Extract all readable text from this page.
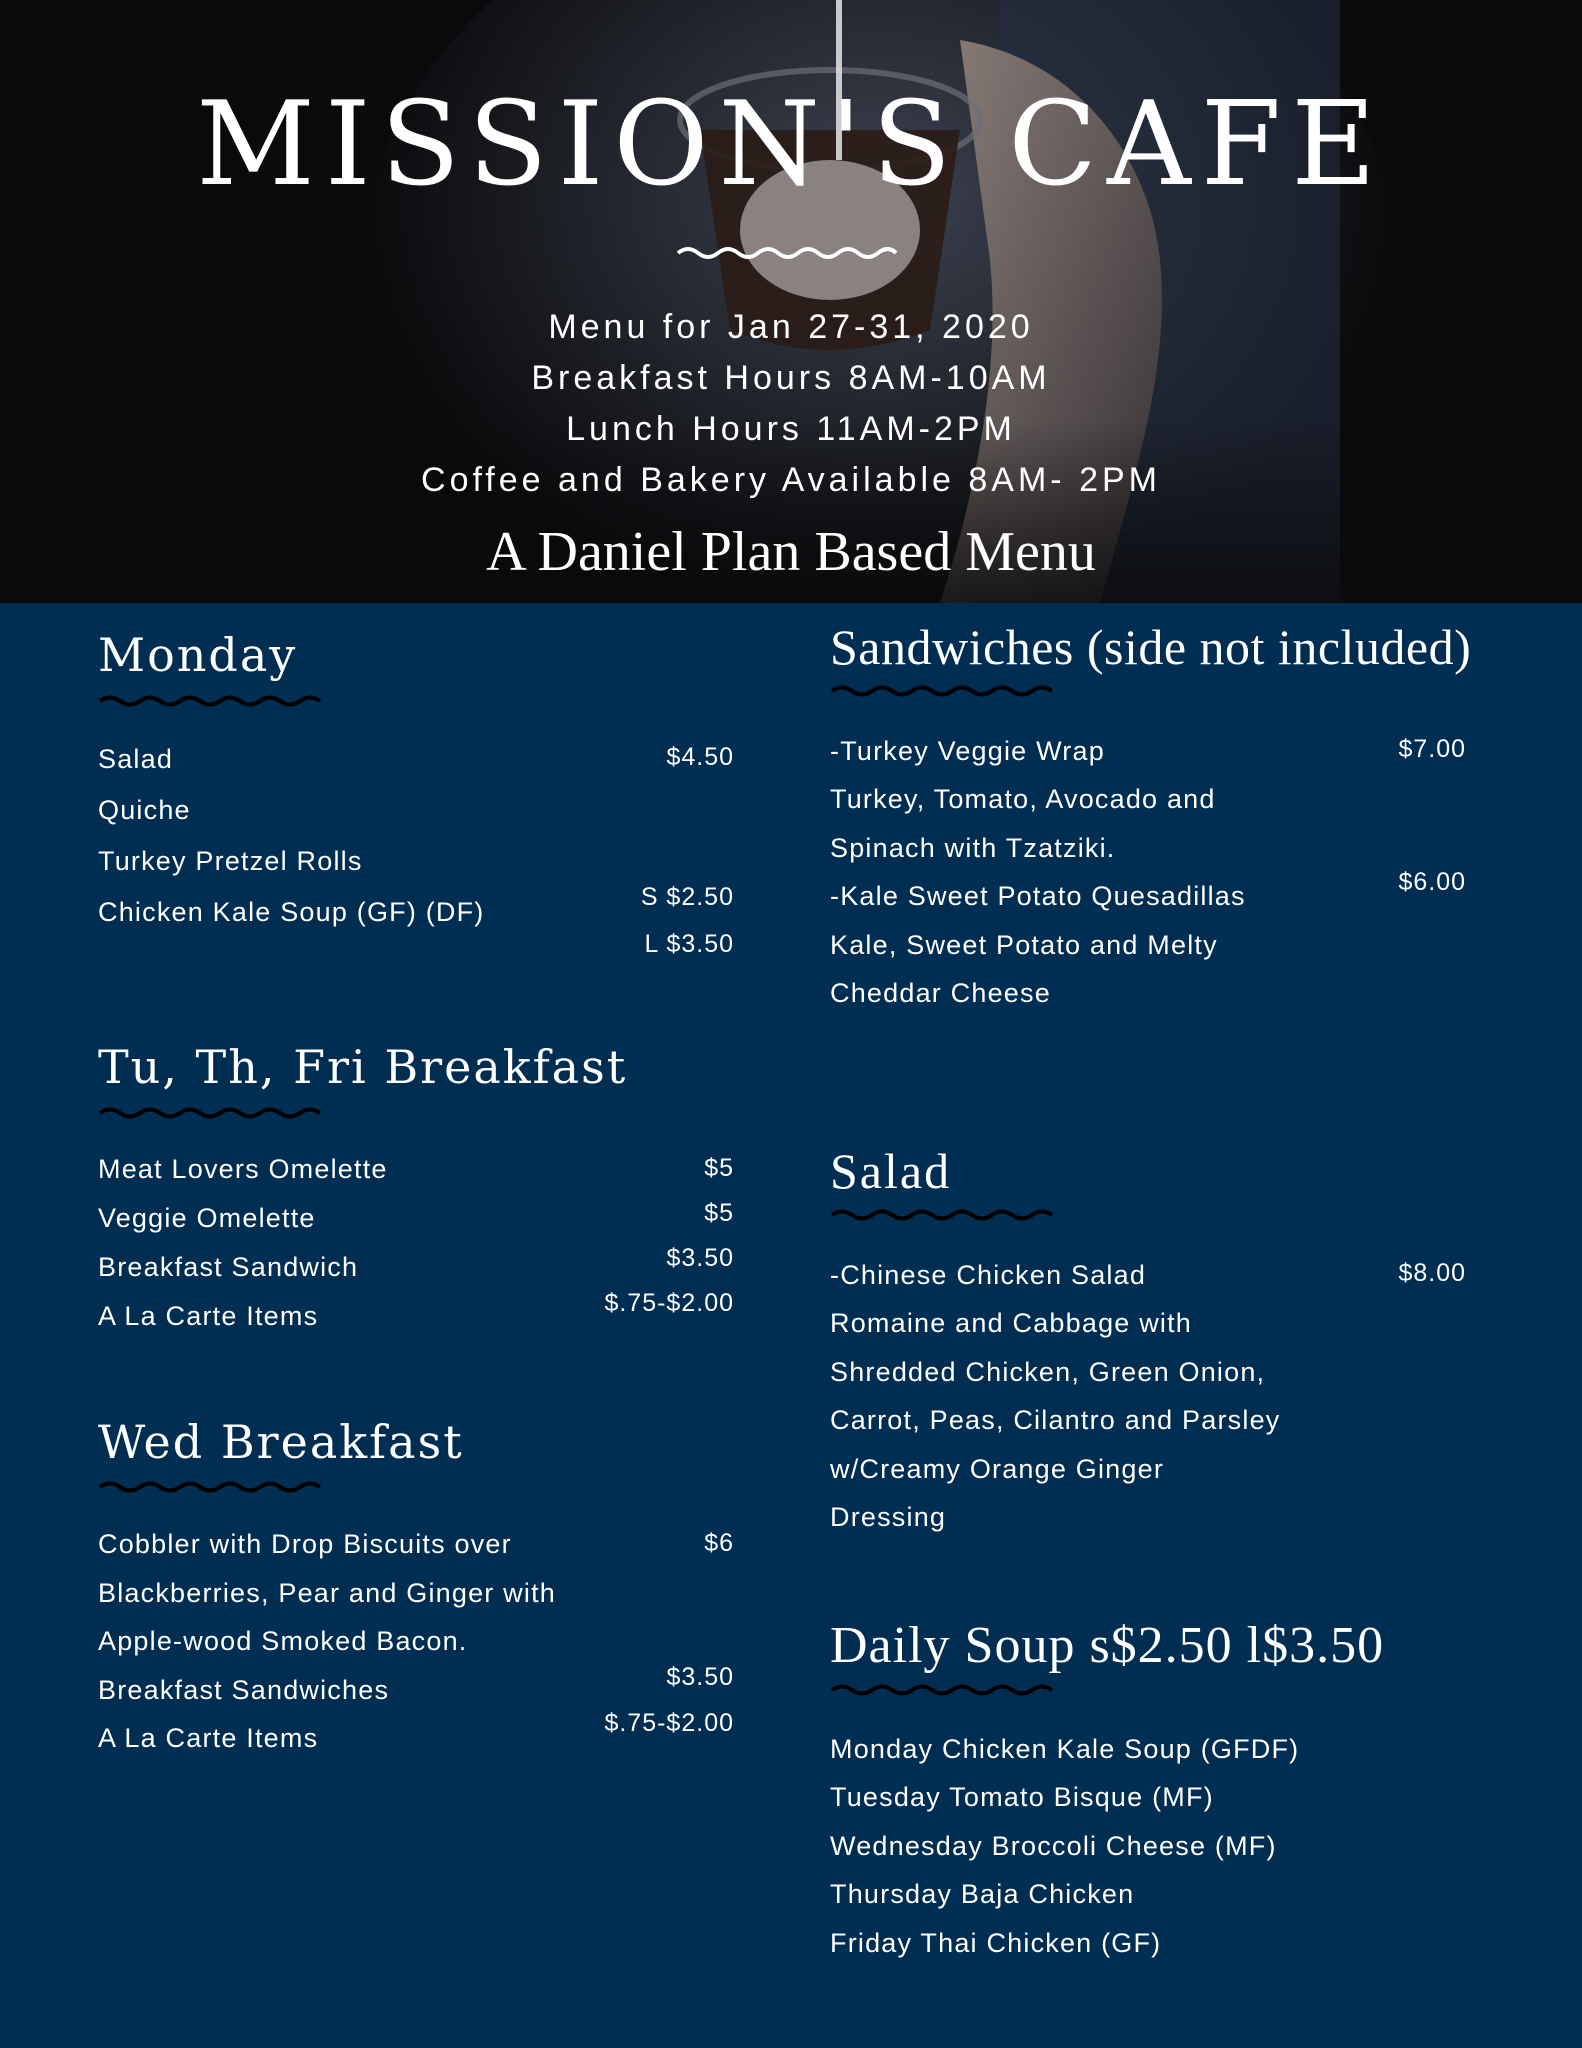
MISSION'S CAFE
Menu for Jan 27-31, 2020
Breakfast Hours 8AM-10AM
Lunch Hours 11AM-2PM
Coffee and Bakery Available 8AM- 2PM
A Daniel Plan Based Menu
Monday
Salad
Quiche
Turkey Pretzel Rolls
Chicken Kale Soup (GF) (DF)
$4.50
S $2.50
L $3.50
Tu, Th, Fri Breakfast
Meat Lovers Omelette
Veggie Omelette
Breakfast Sandwich
A La Carte Items
$5
$5
$3.50
$.75-$2.00
Wed Breakfast
Cobbler with Drop Biscuits over
Blackberries, Pear and Ginger with
Apple-wood Smoked Bacon.
Breakfast Sandwiches
A La Carte Items
$6
$3.50
$.75-$2.00
Sandwiches (side not included)
-Turkey Veggie Wrap
Turkey, Tomato, Avocado and
Spinach with Tzatziki.
-Kale Sweet Potato Quesadillas
Kale, Sweet Potato and Melty
Cheddar Cheese
$7.00
$6.00
Salad
-Chinese Chicken Salad
Romaine and Cabbage with
Shredded Chicken, Green Onion,
Carrot, Peas, Cilantro and Parsley
w/Creamy Orange Ginger
Dressing
$8.00
Daily Soup s$2.50 l$3.50
Monday Chicken Kale Soup (GFDF)
Tuesday Tomato Bisque (MF)
Wednesday Broccoli Cheese (MF)
Thursday Baja Chicken
Friday Thai Chicken (GF)
